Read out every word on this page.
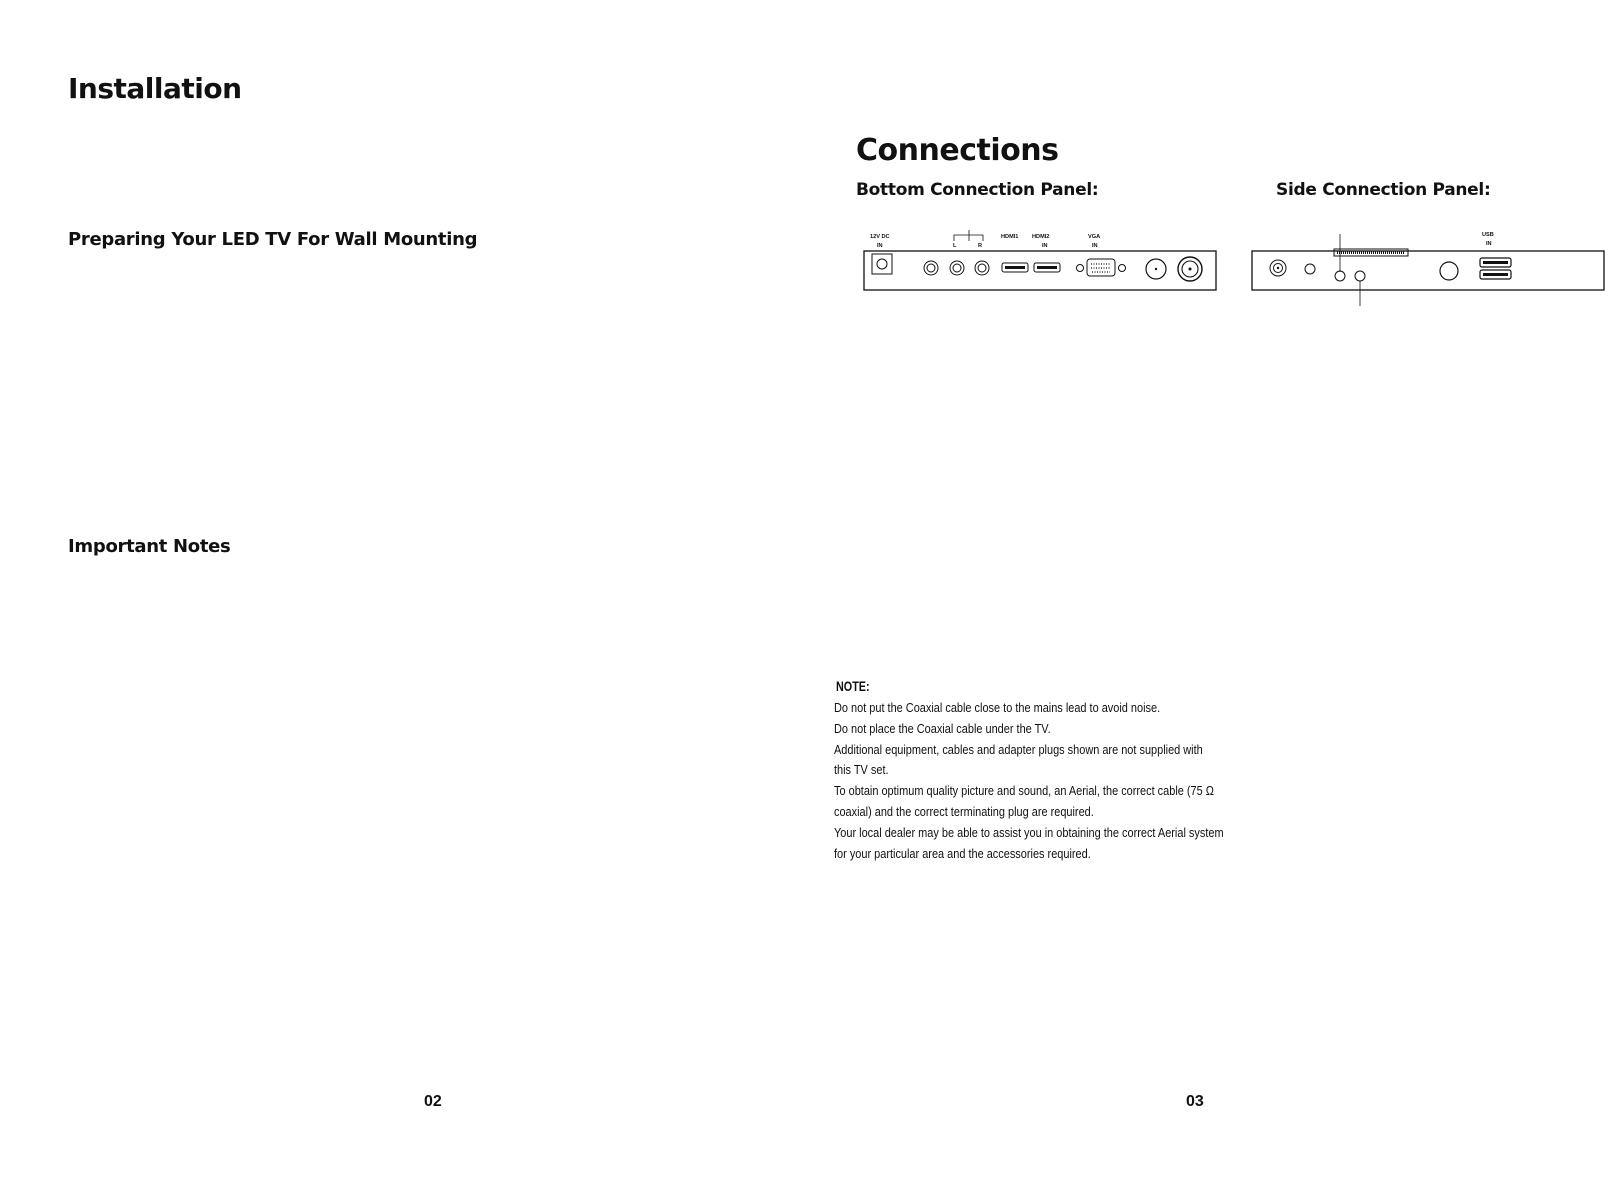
Installation
Preparing Your LED TV For Wall Mounting
Important Notes
02
Connections
Bottom Connection Panel:	Side Connection Panel:
12V DC
IN	L	R
HDMI1 HDMI2
IN
VGA
IN
USB
IN
NOTE:
Do not put the Coaxial cable close to the mains lead to avoid noise.
Do not place the Coaxial cable under the TV.
Additional equipment, cables and adapter plugs shown are not supplied with
this TV set.
To obtain optimum quality picture and sound, an Aerial, the correct cable (75 Ω
coaxial) and the correct terminating plug are required.
Your local dealer may be able to assist you in obtaining the correct Aerial system
for your particular area and the accessories required.
03
